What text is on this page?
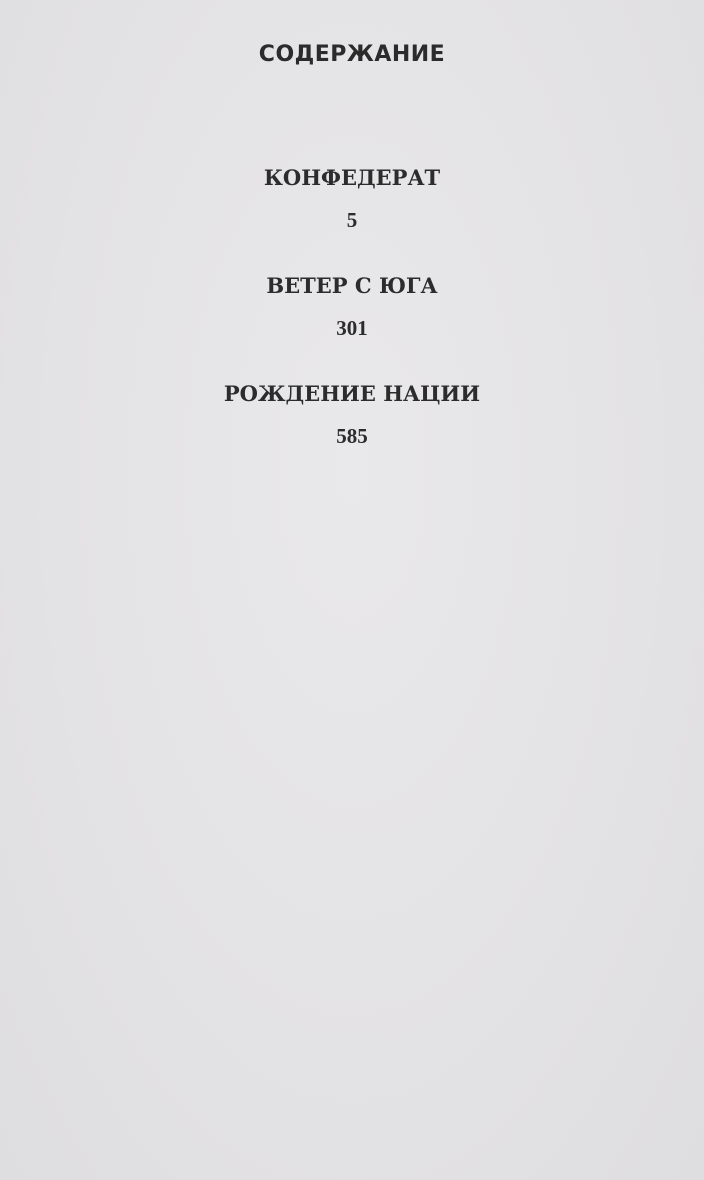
СОДЕРЖАНИЕ
КОНФЕДЕРАТ
5
ВЕТЕР С ЮГА
301
РОЖДЕНИЕ НАЦИИ
585
